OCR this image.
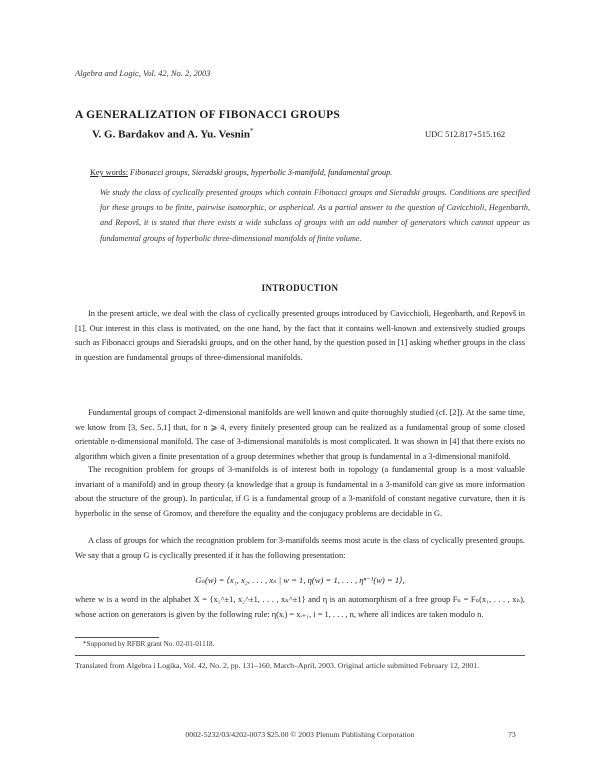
Algebra and Logic, Vol. 42, No. 2, 2003
A GENERALIZATION OF FIBONACCI GROUPS
V. G. Bardakov and A. Yu. Vesnin*	UDC 512.817+515.162
Key words: Fibonacci groups, Sieradski groups, hyperbolic 3-manifold, fundamental group.
We study the class of cyclically presented groups which contain Fibonacci groups and Sieradski groups. Conditions are specified for these groups to be finite, pairwise isomorphic, or aspherical. As a partial answer to the question of Cavicchioli, Hegenbarth, and Repovš, it is stated that there exists a wide subclass of groups with an odd number of generators which cannot appear as fundamental groups of hyperbolic three-dimensional manifolds of finite volume.
INTRODUCTION

In the present article, we deal with the class of cyclically presented groups introduced by Cavicchioli, Hegenbarth, and Repovš in [1]. Our interest in this class is motivated, on the one hand, by the fact that it contains well-known and extensively studied groups such as Fibonacci groups and Sieradski groups, and on the other hand, by the question posed in [1] asking whether groups in the class in question are fundamental groups of three-dimensional manifolds.

Fundamental groups of compact 2-dimensional manifolds are well known and quite thoroughly studied (cf. [2]). At the same time, we know from [3, Sec. 5.1] that, for n ⩾ 4, every finitely presented group can be realized as a fundamental group of some closed orientable n-dimensional manifold. The case of 3-dimensional manifolds is most complicated. It was shown in [4] that there exists no algorithm which given a finite presentation of a group determines whether that group is fundamental in a 3-dimensional manifold.

The recognition problem for groups of 3-manifolds is of interest both in topology (a fundamental group is a most valuable invariant of a manifold) and in group theory (a knowledge that a group is fundamental in a 3-manifold can give us more information about the structure of the group). In particular, if G is a fundamental group of a 3-manifold of constant negative curvature, then it is hyperbolic in the sense of Gromov, and therefore the equality and the conjugacy problems are decidable in G.

A class of groups for which the recognition problem for 3-manifolds seems most acute is the class of cyclically presented groups. We say that a group G is cyclically presented if it has the following presentation:

Gₙ(w) = ⟨x₁, x₂, . . . , xₙ | w = 1, η(w) = 1, . . . , ηⁿ⁻¹(w) = 1⟩,

where w is a word in the alphabet X = {x₁^±1, x₂^±1, . . . , xₙ^±1} and η is an automorphism of a free group Fₙ = Fₙ(x₁, . . . , xₙ), whose action on generators is given by the following rule: η(xᵢ) = xᵢ₊₁, i = 1, . . . , n, where all indices are taken modulo n.

*Supported by RFBR grant No. 02-01-01118.
Translated from Algebra i Logika, Vol. 42, No. 2, pp. 131–160, March–April, 2003. Original article submitted February 12, 2001.
0002-5232/03/4202-0073 $25.00 © 2003 Plenum Publishing Corporation	73
